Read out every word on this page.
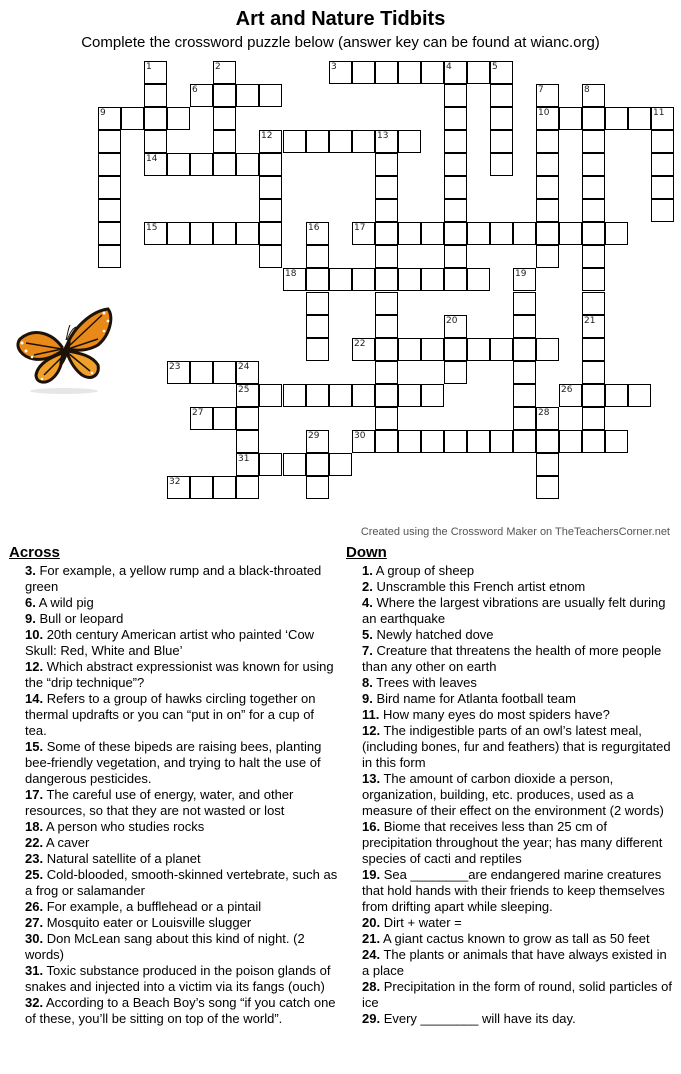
Art and Nature Tidbits
Complete the crossword puzzle below (answer key can be found at wianc.org)
1	2	3	4	5
6	7	8
9	10	11
12	13
14
15	16	17
18	19
20	21
22
23	24
25	26
27	28
29	30
31
32
Created using the Crossword Maker on TheTeachersCorner.net
Across
3. For example, a yellow rump and a black-throated green
6. A wild pig
9. Bull or leopard
10. 20th century American artist who painted ‘Cow Skull: Red, White and Blue’
12. Which abstract expressionist was known for using the “drip technique”?
14. Refers to a group of hawks circling together on thermal updrafts or you can “put in on” for a cup of tea.
15. Some of these bipeds are raising bees, planting bee-friendly vegetation, and trying to halt the use of dangerous pesticides.
17. The careful use of energy, water, and other resources, so that they are not wasted or lost
18. A person who studies rocks
22. A caver
23. Natural satellite of a planet
25. Cold-blooded, smooth-skinned vertebrate, such as a frog or salamander
26. For example, a bufflehead or a pintail
27. Mosquito eater or Louisville slugger
30. Don McLean sang about this kind of night. (2 words)
31. Toxic substance produced in the poison glands of snakes and injected into a victim via its fangs (ouch)
32. According to a Beach Boy’s song “if you catch one of these, you’ll be sitting on top of the world”.
Down
1. A group of sheep
2. Unscramble this French artist etnom
4. Where the largest vibrations are usually felt during an earthquake
5. Newly hatched dove
7. Creature that threatens the health of more people than any other on earth
8. Trees with leaves
9. Bird name for Atlanta football team
11. How many eyes do most spiders have?
12. The indigestible parts of an owl’s latest meal, (including bones, fur and feathers) that is regurgitated in this form
13. The amount of carbon dioxide a person, organization, building, etc. produces, used as a measure of their effect on the environment (2 words)
16. Biome that receives less than 25 cm of precipitation throughout the year; has many different species of cacti and reptiles
19. Sea ________are endangered marine creatures that hold hands with their friends to keep themselves from drifting apart while sleeping.
20. Dirt + water =
21. A giant cactus known to grow as tall as 50 feet
24. The plants or animals that have always existed in a place
28. Precipitation in the form of round, solid particles of ice
29. Every ________ will have its day.
